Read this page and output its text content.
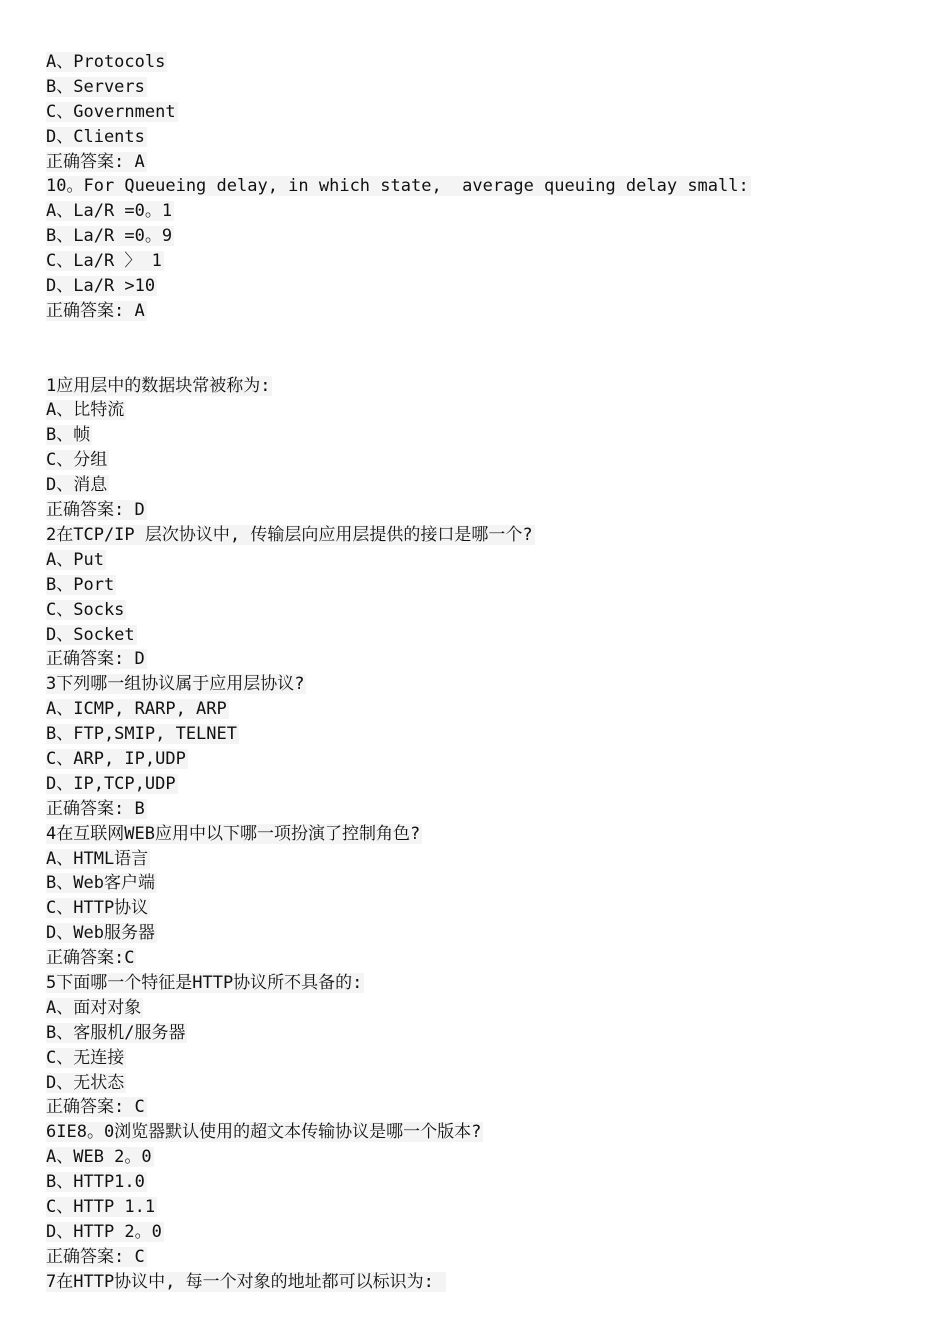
A、Protocols
B、Servers
C、Government
D、Clients
正确答案: A
10。For Queueing delay, in which state,  average queuing delay small:
A、La/R =0。1
B、La/R =0。9
C、La/R 〉 1
D、La/R >10
正确答案: A
1应用层中的数据块常被称为:
A、比特流
B、帧
C、分组
D、消息
正确答案: D
2在TCP/IP 层次协议中, 传输层向应用层提供的接口是哪一个?
A、Put
B、Port
C、Socks
D、Socket
正确答案: D
3下列哪一组协议属于应用层协议?
A、ICMP, RARP, ARP
B、FTP,SMIP, TELNET
C、ARP, IP,UDP
D、IP,TCP,UDP
正确答案: B
4在互联网WEB应用中以下哪一项扮演了控制角色?
A、HTML语言
B、Web客户端
C、HTTP协议
D、Web服务器
正确答案:C
5下面哪一个特征是HTTP协议所不具备的:
A、面对对象
B、客服机/服务器
C、无连接
D、无状态
正确答案: C
6IE8。0浏览器默认使用的超文本传输协议是哪一个版本?
A、WEB 2。0
B、HTTP1.0
C、HTTP 1.1
D、HTTP 2。0
正确答案: C
7在HTTP协议中, 每一个对象的地址都可以标识为:
